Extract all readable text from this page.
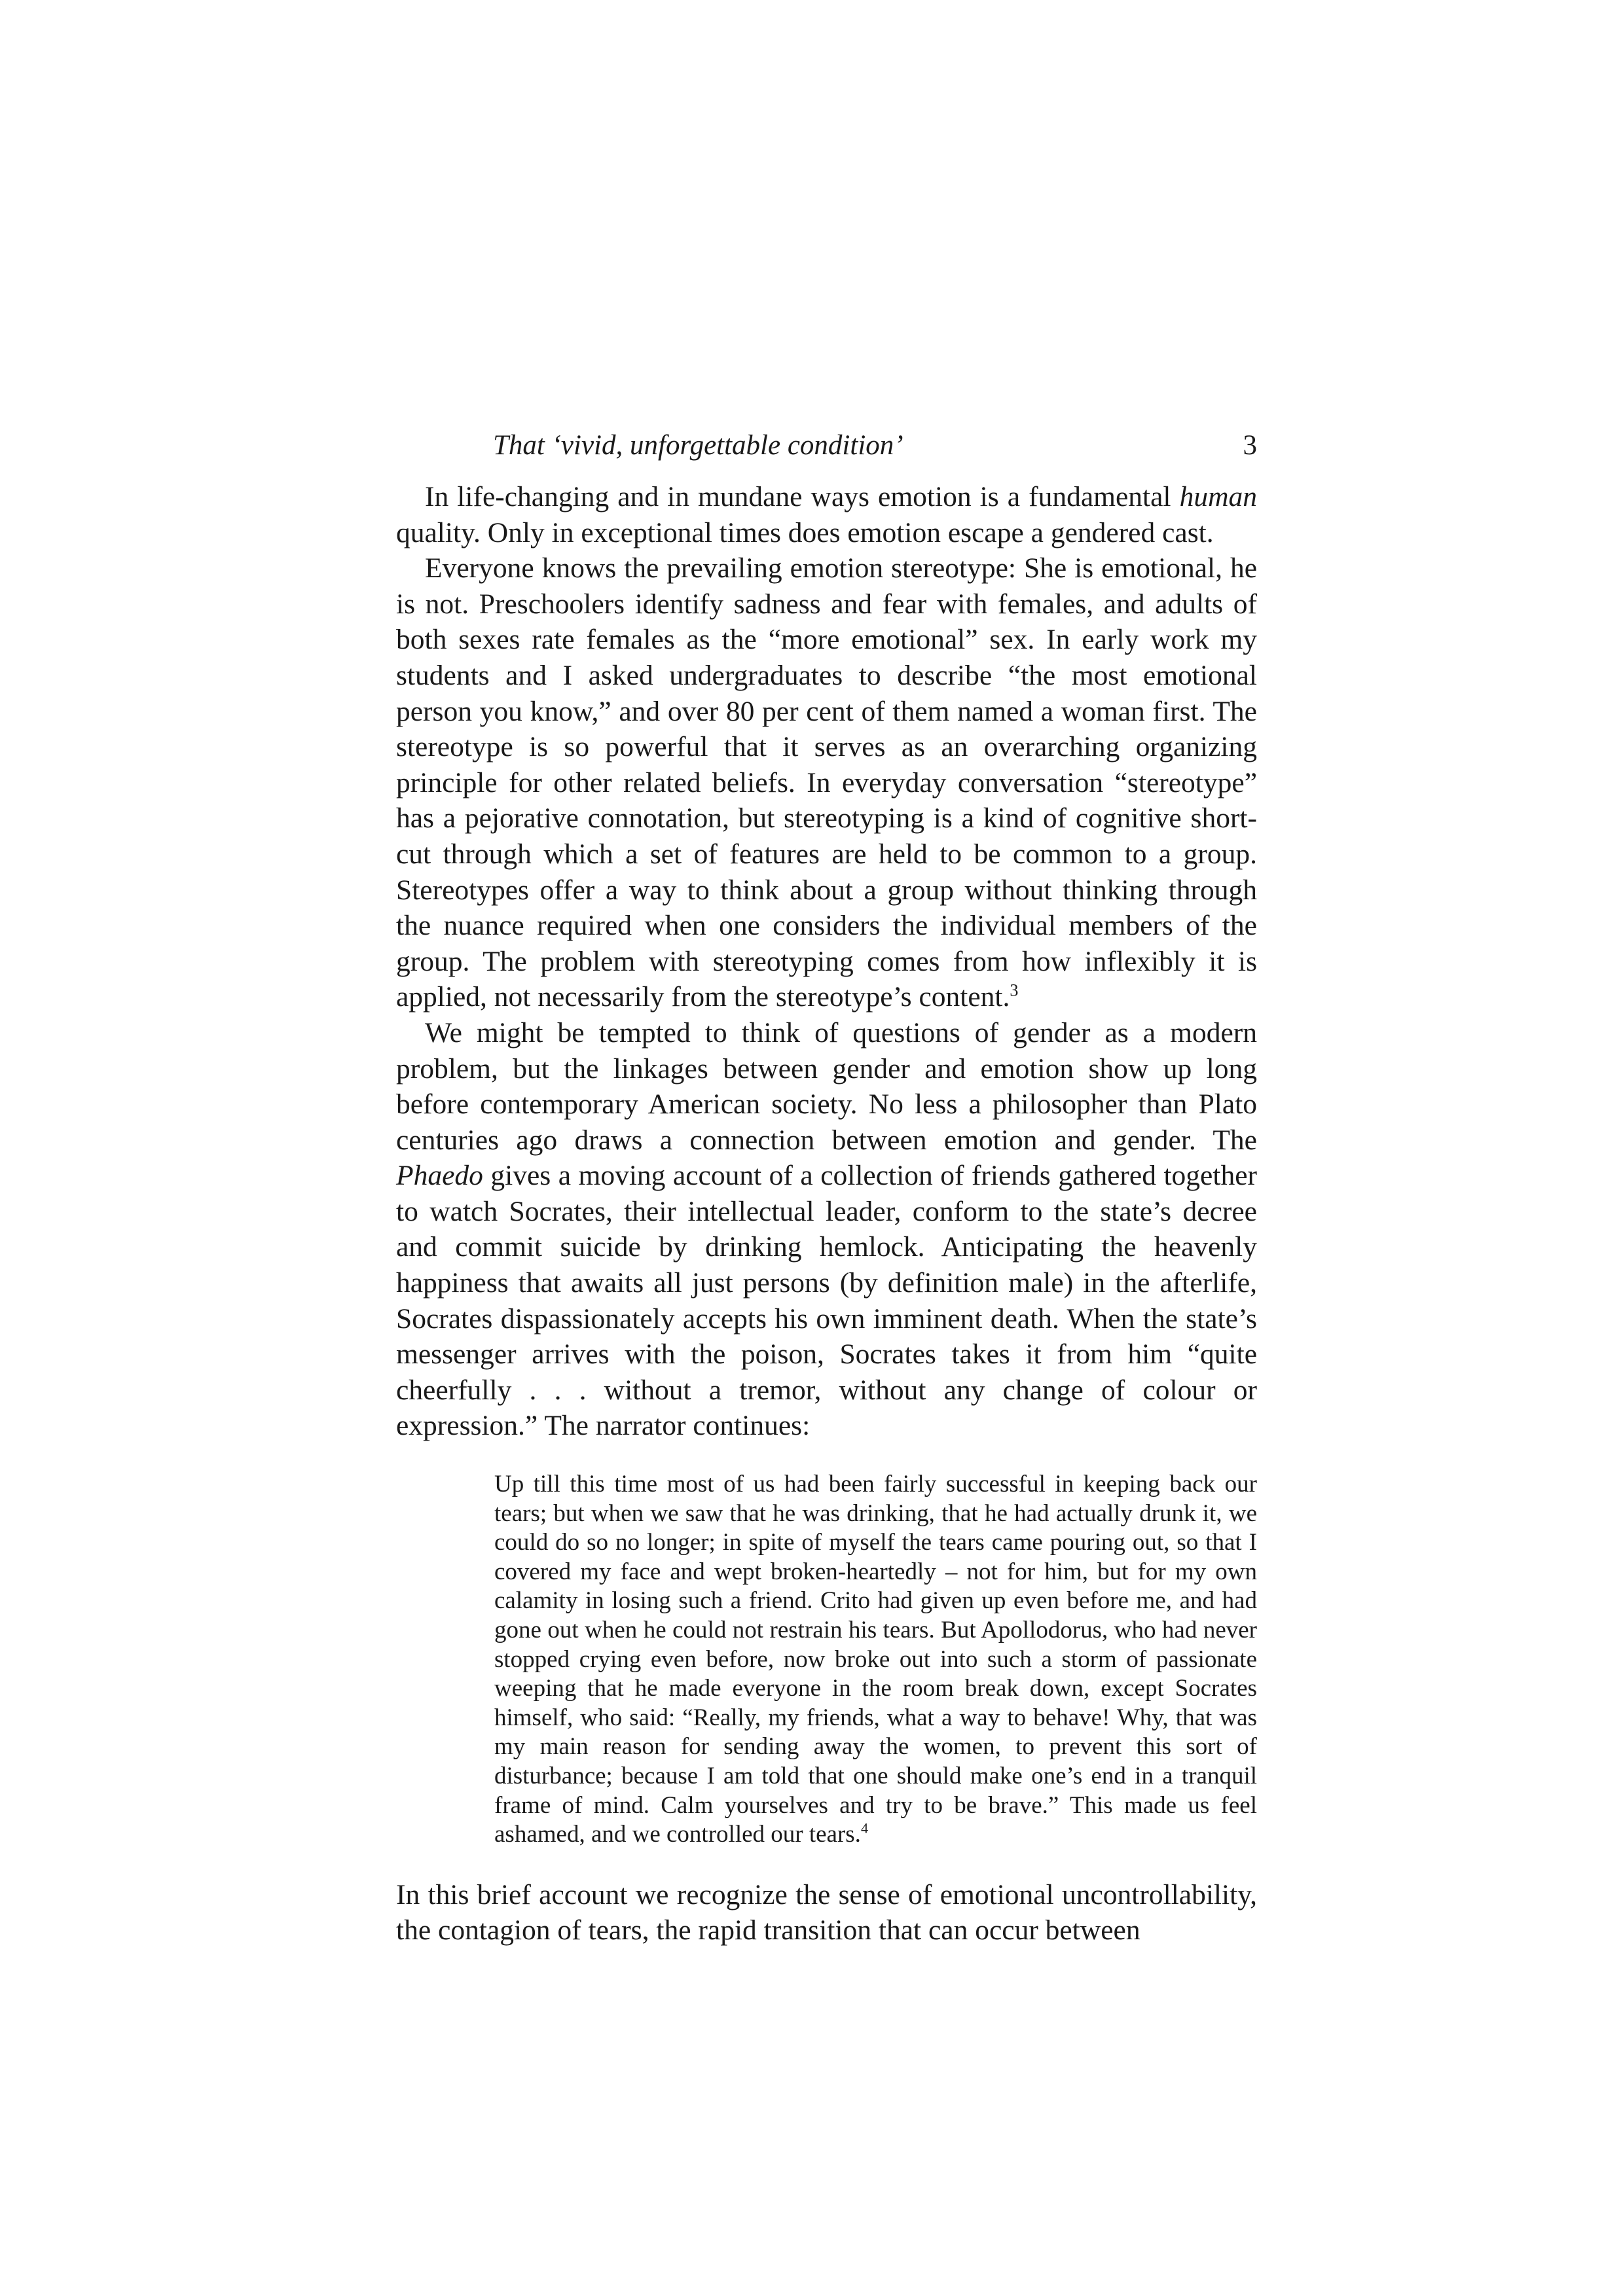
That ‘vivid, unforgettable condition’	3

In life-changing and in mundane ways emotion is a fundamental human quality. Only in exceptional times does emotion escape a gendered cast.

Everyone knows the prevailing emotion stereotype: She is emotional, he is not. Preschoolers identify sadness and fear with females, and adults of both sexes rate females as the “more emotional” sex. In early work my students and I asked undergraduates to describe “the most emotional person you know,” and over 80 per cent of them named a woman first. The stereotype is so powerful that it serves as an overarching organizing principle for other related beliefs. In everyday conversation “stereotype” has a pejorative connotation, but stereotyping is a kind of cognitive short-cut through which a set of features are held to be common to a group. Stereotypes offer a way to think about a group without thinking through the nuance required when one considers the individual members of the group. The problem with stereotyping comes from how inflexibly it is applied, not necessarily from the stereotype’s content.$^3$

We might be tempted to think of questions of gender as a modern problem, but the linkages between gender and emotion show up long before contemporary American society. No less a philosopher than Plato centuries ago draws a connection between emotion and gender. The Phaedo gives a moving account of a collection of friends gathered together to watch Socrates, their intellectual leader, conform to the state’s decree and commit suicide by drinking hemlock. Anticipating the heavenly happiness that awaits all just persons (by definition male) in the afterlife, Socrates dispassionately accepts his own imminent death. When the state’s messenger arrives with the poison, Socrates takes it from him “quite cheerfully . . . without a tremor, without any change of colour or expression.” The narrator continues:

Up till this time most of us had been fairly successful in keeping back our tears; but when we saw that he was drinking, that he had actually drunk it, we could do so no longer; in spite of myself the tears came pouring out, so that I covered my face and wept broken-heartedly – not for him, but for my own calamity in losing such a friend. Crito had given up even before me, and had gone out when he could not restrain his tears. But Apollodorus, who had never stopped crying even before, now broke out into such a storm of passionate weeping that he made everyone in the room break down, except Socrates himself, who said: “Really, my friends, what a way to behave! Why, that was my main reason for sending away the women, to prevent this sort of disturbance; because I am told that one should make one’s end in a tranquil frame of mind. Calm yourselves and try to be brave.” This made us feel ashamed, and we controlled our tears.$^4$

In this brief account we recognize the sense of emotional uncontrollability, the contagion of tears, the rapid transition that can occur between
